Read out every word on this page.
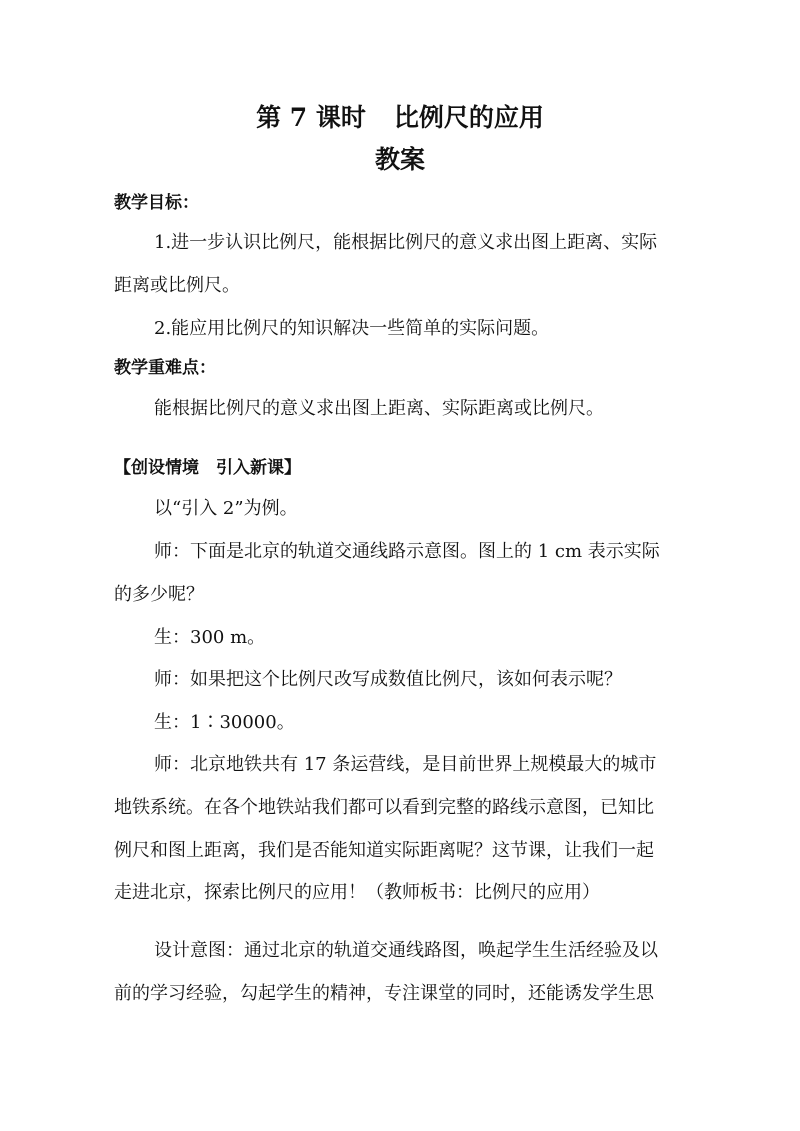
第 7 课时 比例尺的应用
教案
教学目标：
1.进一步认识比例尺，能根据比例尺的意义求出图上距离、实际
距离或比例尺。
2.能应用比例尺的知识解决一些简单的实际问题。
教学重难点：
能根据比例尺的意义求出图上距离、实际距离或比例尺。
【创设情境　引入新课】
以“引入 2”为例。
师：下面是北京的轨道交通线路示意图。图上的 1 cm 表示实际
的多少呢？
生：300 m。
师：如果把这个比例尺改写成数值比例尺，该如何表示呢？
生：1∶30000。
师：北京地铁共有 17 条运营线，是目前世界上规模最大的城市
地铁系统。在各个地铁站我们都可以看到完整的路线示意图，已知比
例尺和图上距离，我们是否能知道实际距离呢？这节课，让我们一起
走进北京，探索比例尺的应用！（教师板书：比例尺的应用）
设计意图：通过北京的轨道交通线路图，唤起学生生活经验及以
前的学习经验，勾起学生的精神，专注课堂的同时，还能诱发学生思
